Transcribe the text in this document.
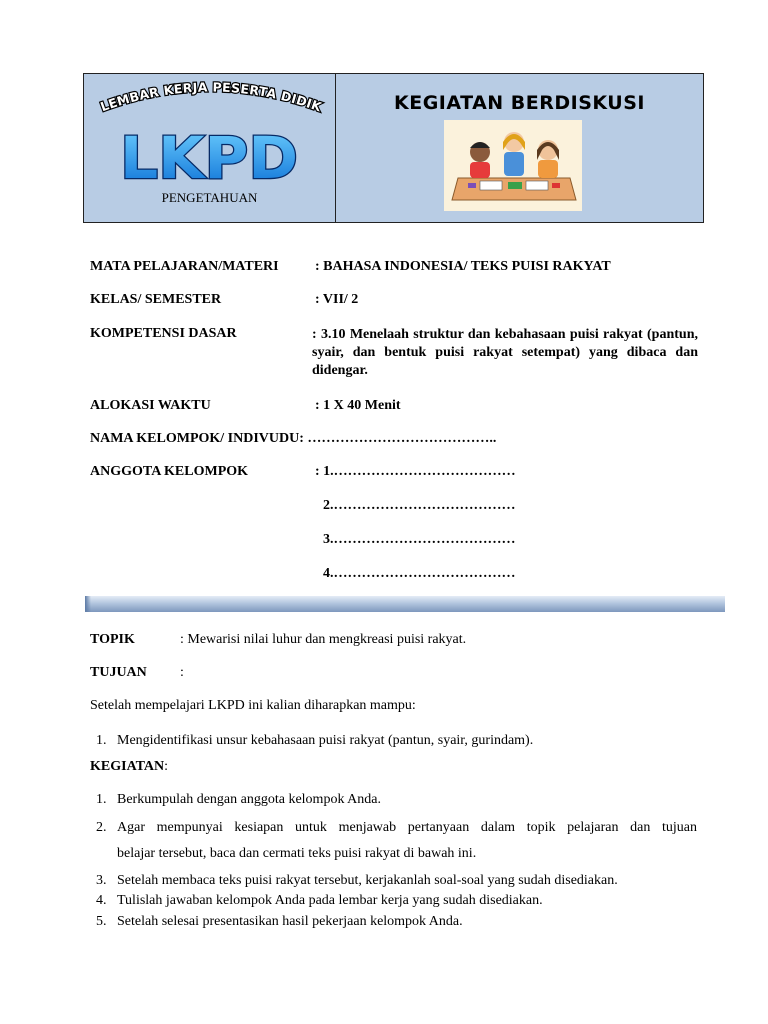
LEMBAR KERJA PESERTA DIDIK
LKPD
PENGETAHUAN
KEGIATAN BERDISKUSI
MATA PELAJARAN/MATERI	: BAHASA INDONESIA/ TEKS PUISI RAKYAT
KELAS/ SEMESTER	: VII/ 2
KOMPETENSI DASAR	: 3.10 Menelaah struktur dan kebahasaan puisi rakyat (pantun, syair, dan bentuk puisi rakyat setempat) yang dibaca dan didengar.
ALOKASI WAKTU	: 1 X 40 Menit
NAMA KELOMPOK/ INDIVUDU: …………………………………..
ANGGOTA KELOMPOK	: 1.…………………………………
2.…………………………………
3.…………………………………
4.…………………………………
TOPIK	: Mewarisi nilai luhur dan mengkreasi puisi rakyat.
TUJUAN :
Setelah mempelajari LKPD ini kalian diharapkan mampu:
1. Mengidentifikasi unsur kebahasaan puisi rakyat (pantun, syair, gurindam).
KEGIATAN:
1. Berkumpulah dengan anggota kelompok Anda.
2. Agar mempunyai kesiapan untuk menjawab pertanyaan dalam topik pelajaran dan tujuan
belajar tersebut, baca dan cermati teks puisi rakyat di bawah ini.
3. Setelah membaca teks puisi rakyat tersebut, kerjakanlah soal-soal yang sudah disediakan.
4. Tulislah jawaban kelompok Anda pada lembar kerja yang sudah disediakan.
5. Setelah selesai presentasikan hasil pekerjaan kelompok Anda.
